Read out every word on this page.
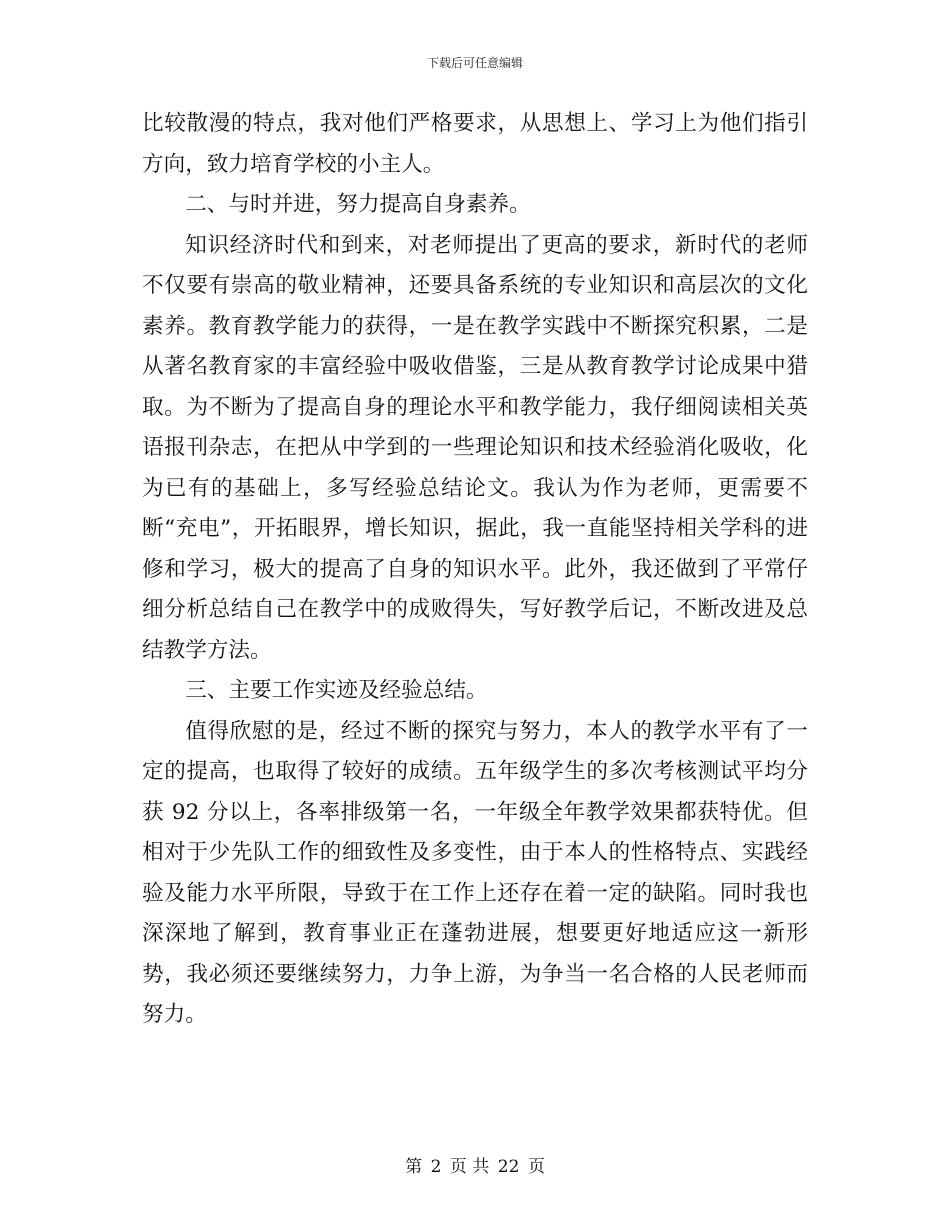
下载后可任意编辑

比较散漫的特点，我对他们严格要求，从思想上、学习上为他们指引方向，致力培育学校的小主人。

二、与时并进，努力提高自身素养。

知识经济时代和到来，对老师提出了更高的要求，新时代的老师不仅要有崇高的敬业精神，还要具备系统的专业知识和高层次的文化素养。教育教学能力的获得，一是在教学实践中不断探究积累，二是从著名教育家的丰富经验中吸收借鉴，三是从教育教学讨论成果中猎取。为不断为了提高自身的理论水平和教学能力，我仔细阅读相关英语报刊杂志，在把从中学到的一些理论知识和技术经验消化吸收，化为已有的基础上，多写经验总结论文。我认为作为老师，更需要不断“充电”，开拓眼界，增长知识，据此，我一直能坚持相关学科的进修和学习，极大的提高了自身的知识水平。此外，我还做到了平常仔细分析总结自己在教学中的成败得失，写好教学后记，不断改进及总结教学方法。

三、主要工作实迹及经验总结。

值得欣慰的是，经过不断的探究与努力，本人的教学水平有了一定的提高，也取得了较好的成绩。五年级学生的多次考核测试平均分获 92 分以上，各率排级第一名，一年级全年教学效果都获特优。但相对于少先队工作的细致性及多变性，由于本人的性格特点、实践经验及能力水平所限，导致于在工作上还存在着一定的缺陷。同时我也深深地了解到，教育事业正在蓬勃进展，想要更好地适应这一新形势，我必须还要继续努力，力争上游，为争当一名合格的人民老师而努力。

第 2 页 共 22 页
